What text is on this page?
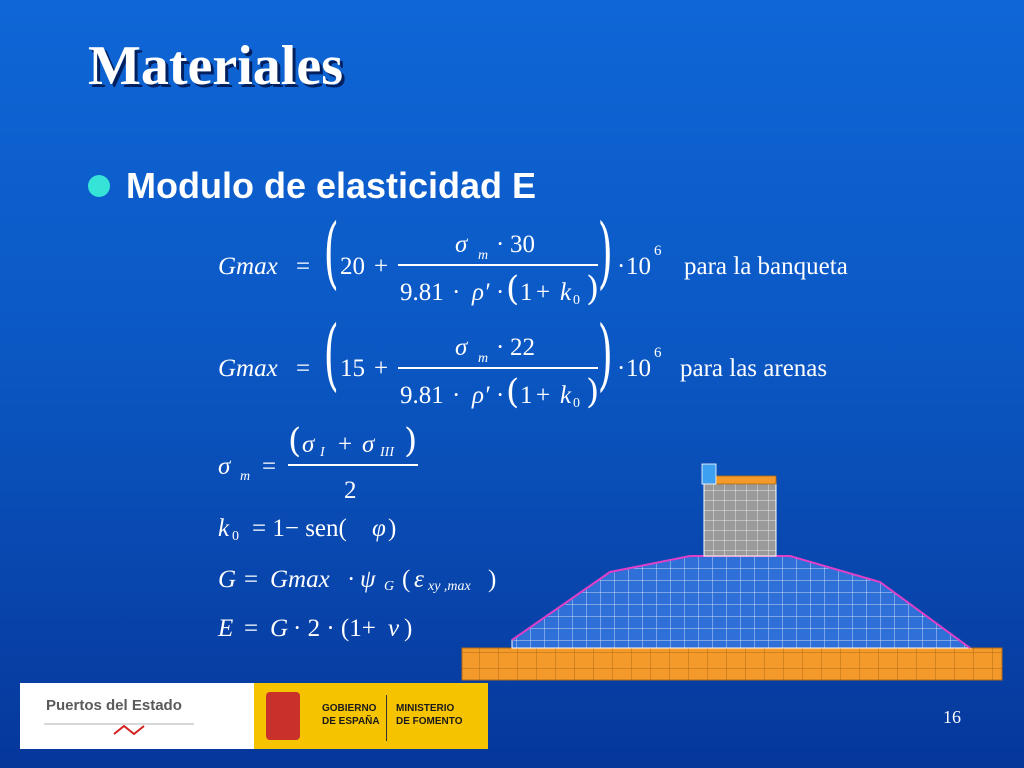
Materiales
Modulo de elasticidad E
Gmax = ( 20 +
σ m · 30
9.81 · ρ′ · ( 1 + k 0 )
) · 10
6
para la banqueta
Gmax = ( 15 +
σ m · 22
9.81 · ρ′ · ( 1 + k 0 )
) · 10
6
para las arenas
σ m =
( σ I + σ III )
2
k 0 = 1− sen( φ )
G = Gmax · ψ G ( ε xy ,max )
E = G · 2 · (1+ ν )
Puertos del Estado	GOBIERNO
DE ESPAÑA
MINISTERIO
DE FOMENTO	16
